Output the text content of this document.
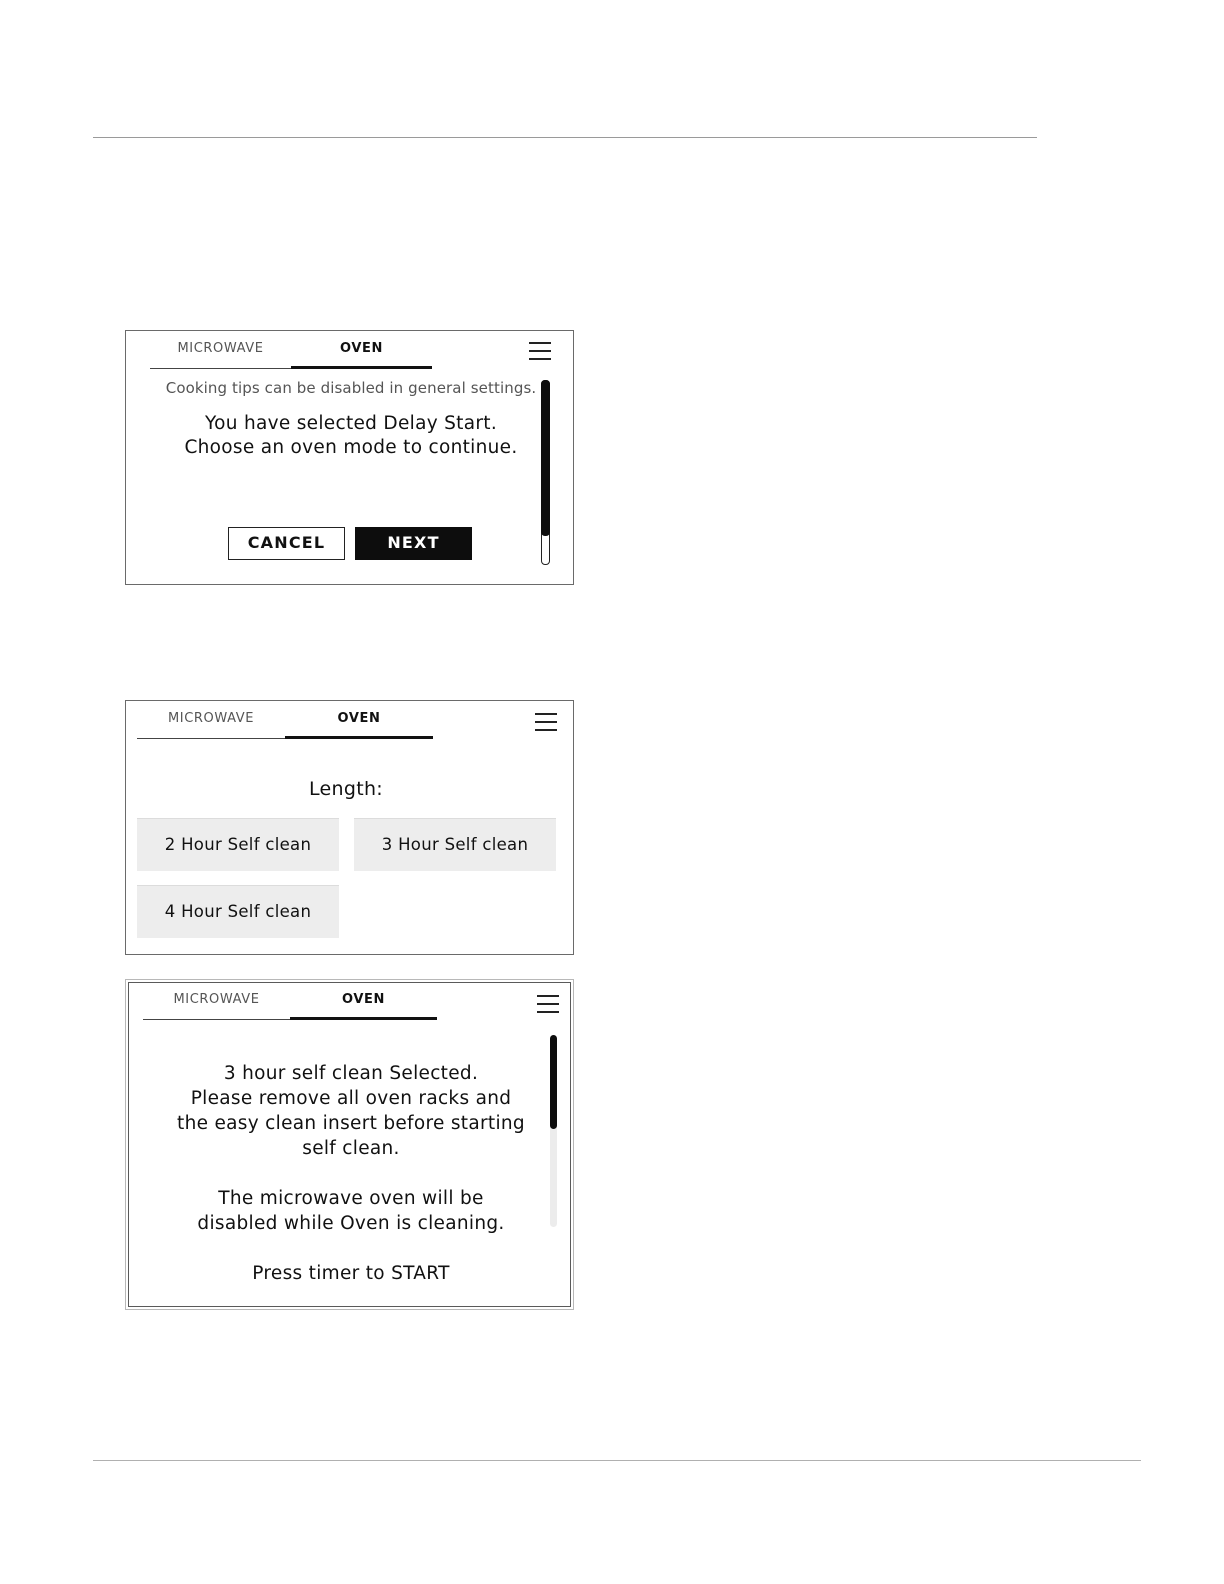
MICROWAVE	OVEN
Cooking tips can be disabled in general settings.
You have selected Delay Start.
Choose an oven mode to continue.
CANCEL	NEXT
MICROWAVE	OVEN
Length:
2 Hour Self clean	3 Hour Self clean
4 Hour Self clean
MICROWAVE	OVEN
3 hour self clean Selected.
Please remove all oven racks and
the easy clean insert before starting
self clean.
The microwave oven will be
disabled while Oven is cleaning.
Press timer to START
